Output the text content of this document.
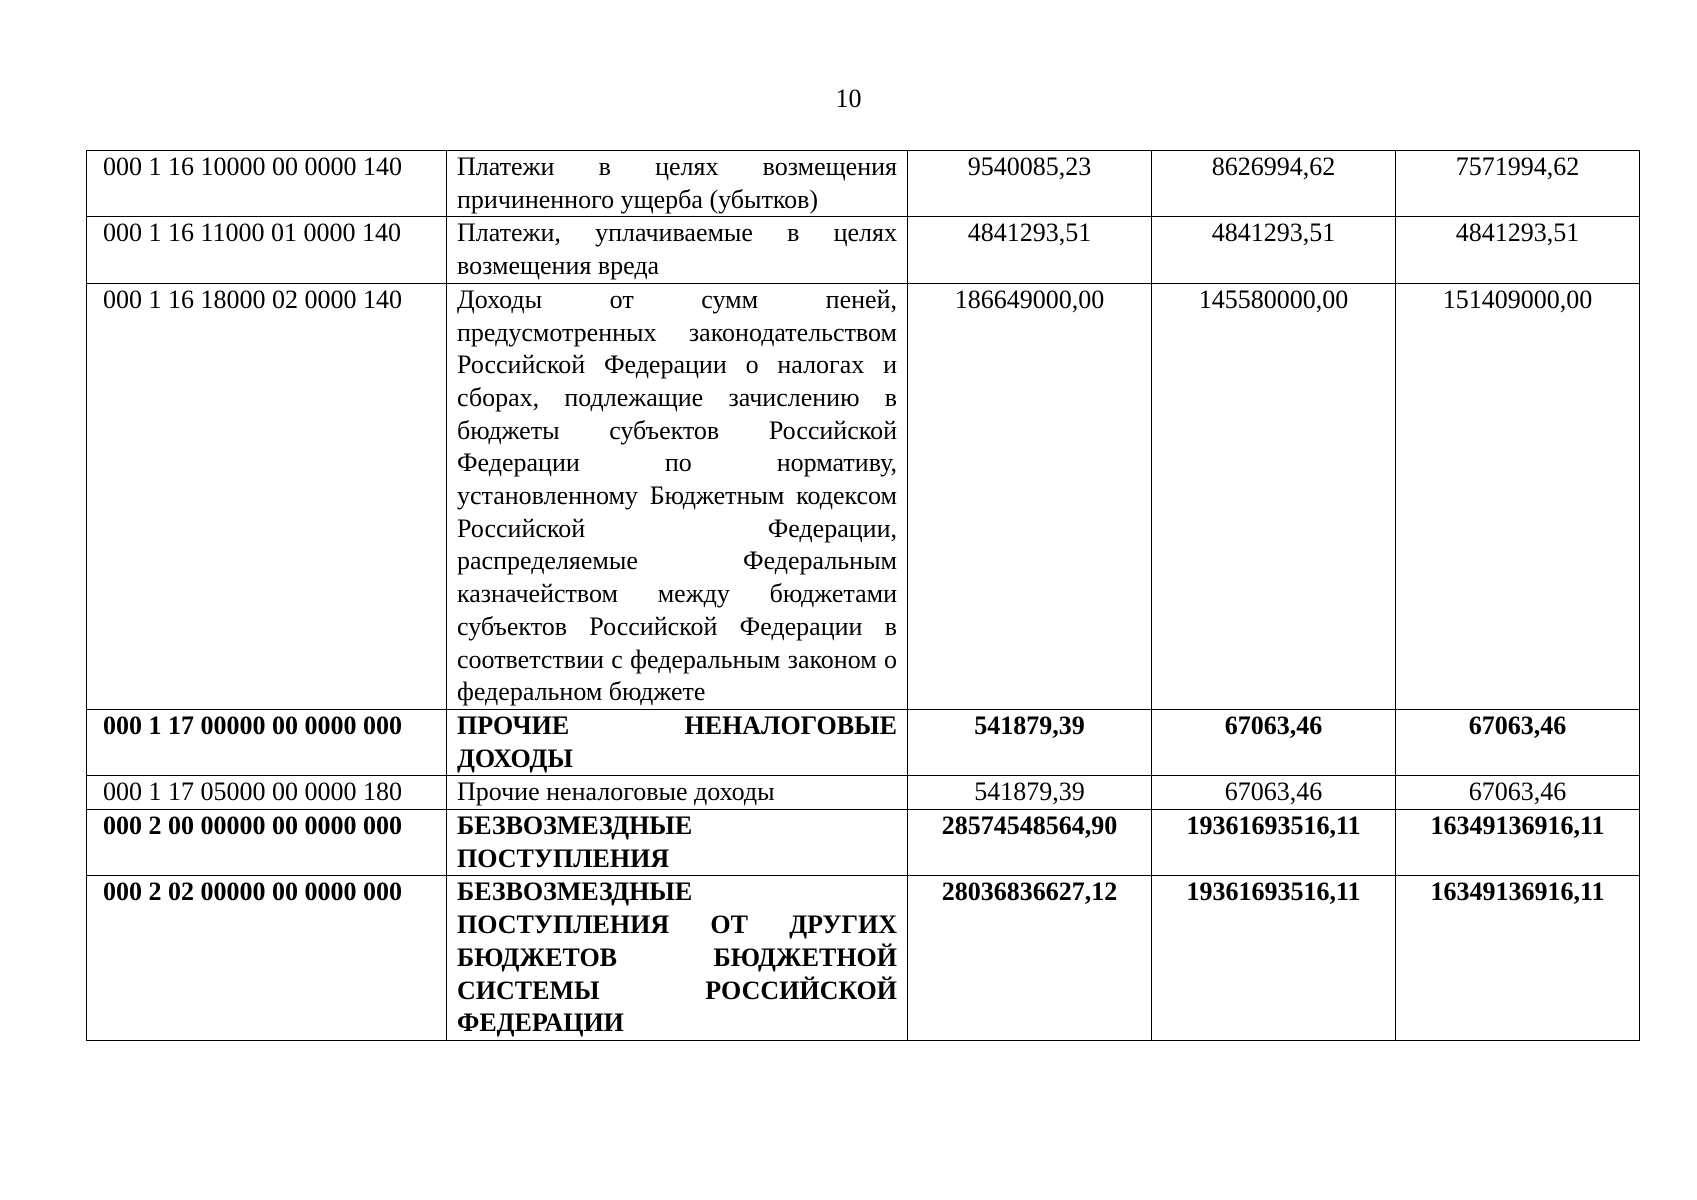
10
000 1 16 10000 00 0000 140	Платежи в целях возмещения причиненного ущерба (убытков)	9540085,23	8626994,62	7571994,62
000 1 16 11000 01 0000 140	Платежи, уплачиваемые в целях возмещения вреда	4841293,51	4841293,51	4841293,51
000 1 16 18000 02 0000 140	Доходы от сумм пеней, предусмотренных законодательством Российской Федерации о налогах и сборах, подлежащие зачислению в бюджеты субъектов Российской Федерации по нормативу, установленному Бюджетным кодексом Российской Федерации, распределяемые Федеральным казначейством между бюджетами субъектов Российской Федерации в соответствии с федеральным законом о федеральном бюджете	186649000,00	145580000,00	151409000,00
000 1 17 00000 00 0000 000	ПРОЧИЕ НЕНАЛОГОВЫЕ ДОХОДЫ	541879,39	67063,46	67063,46
000 1 17 05000 00 0000 180	Прочие неналоговые доходы	541879,39	67063,46	67063,46
000 2 00 00000 00 0000 000	БЕЗВОЗМЕЗДНЫЕ ПОСТУПЛЕНИЯ	28574548564,90	19361693516,11	16349136916,11
000 2 02 00000 00 0000 000	БЕЗВОЗМЕЗДНЫЕ ПОСТУПЛЕНИЯ ОТ ДРУГИХ БЮДЖЕТОВ БЮДЖЕТНОЙ СИСТЕМЫ РОССИЙСКОЙ ФЕДЕРАЦИИ	28036836627,12	19361693516,11	16349136916,11
